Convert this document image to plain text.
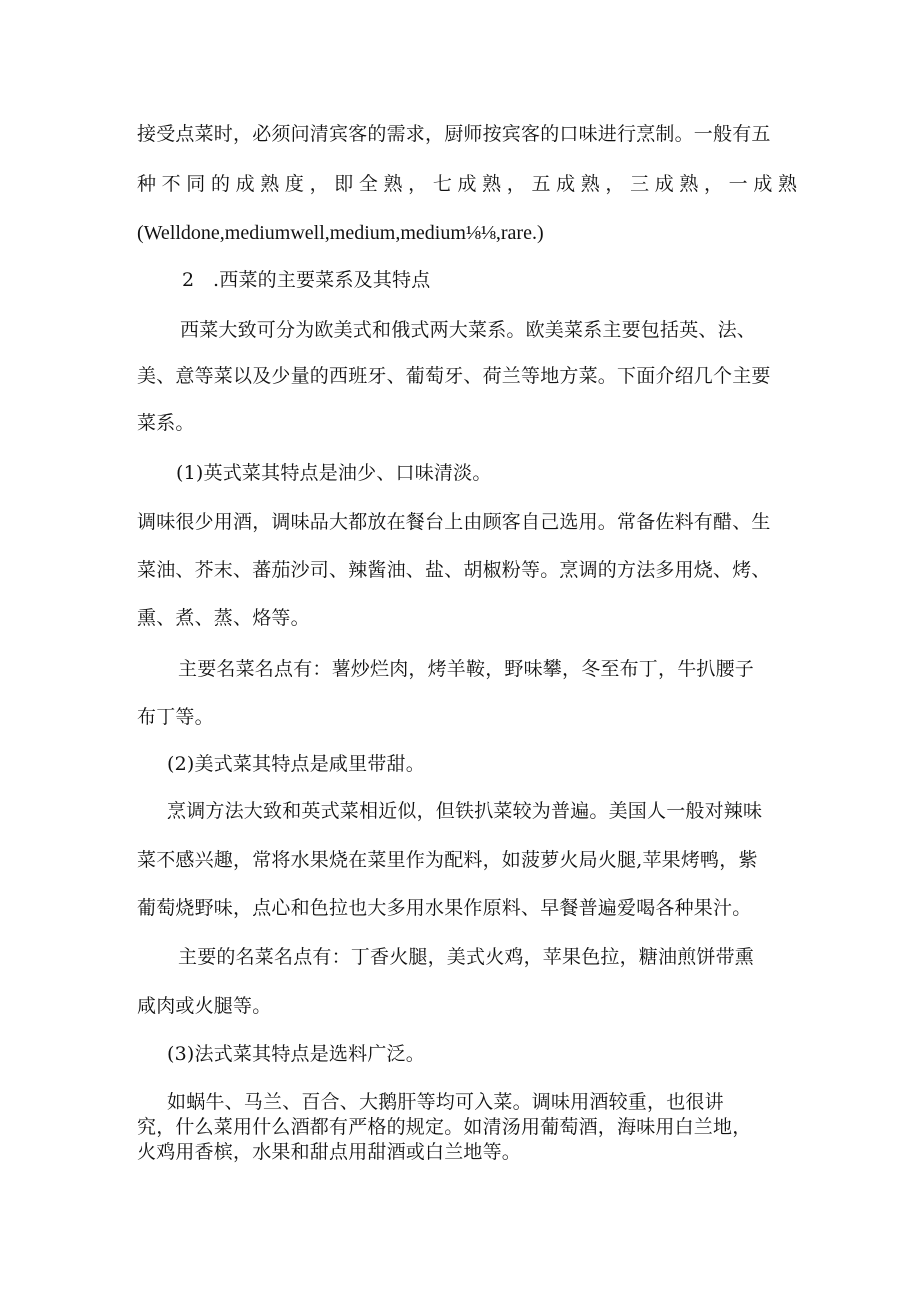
接受点菜时，必须问清宾客的需求，厨师按宾客的口味进行烹制。一般有五
种不同的成熟度，即全熟，七成熟，五成熟，三成熟，一成熟
(Welldone,mediumwell,medium,medium⅛⅛,rare.)
2 .西菜的主要菜系及其特点
西菜大致可分为欧美式和俄式两大菜系。欧美菜系主要包括英、法、
美、意等菜以及少量的西班牙、葡萄牙、荷兰等地方菜。下面介绍几个主要
菜系。
(1)英式菜其特点是油少、口味清淡。
调味很少用酒，调味品大都放在餐台上由顾客自己选用。常备佐料有醋、生
菜油、芥末、蕃茄沙司、辣酱油、盐、胡椒粉等。烹调的方法多用烧、烤、
熏、煮、蒸、烙等。
主要名菜名点有：薯炒烂肉，烤羊鞍，野味攀，冬至布丁，牛扒腰子
布丁等。
(2)美式菜其特点是咸里带甜。
烹调方法大致和英式菜相近似，但铁扒菜较为普遍。美国人一般对辣味
菜不感兴趣，常将水果烧在菜里作为配料，如菠萝火局火腿,苹果烤鸭，紫
葡萄烧野味，点心和色拉也大多用水果作原料、早餐普遍爱喝各种果汁。
主要的名菜名点有：丁香火腿，美式火鸡，苹果色拉，糖油煎饼带熏
咸肉或火腿等。
(3)法式菜其特点是选料广泛。
如蜗牛、马兰、百合、大鹅肝等均可入菜。调味用酒较重，也很讲
究，什么菜用什么酒都有严格的规定。如清汤用葡萄酒，海味用白兰地，
火鸡用香槟，水果和甜点用甜酒或白兰地等。
